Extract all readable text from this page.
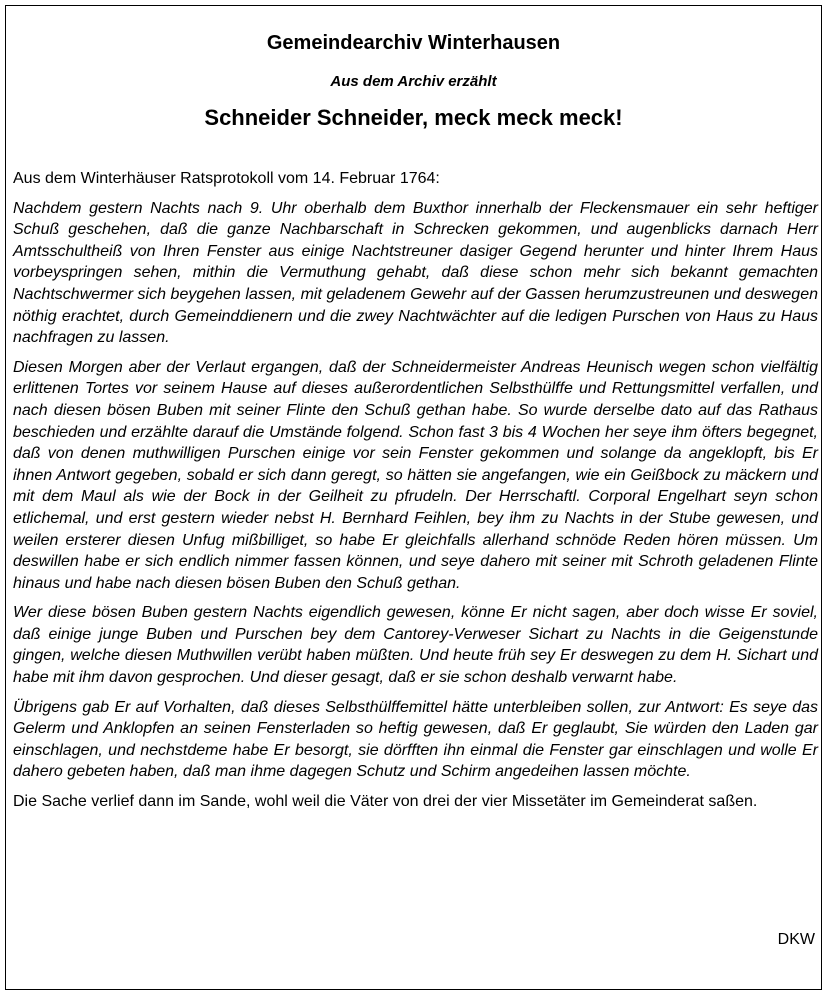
Gemeindearchiv Winterhausen

Aus dem Archiv erzählt

Schneider Schneider, meck meck meck!

Aus dem Winterhäuser Ratsprotokoll vom 14. Februar 1764:

Nachdem gestern Nachts nach 9. Uhr oberhalb dem Buxthor innerhalb der Fleckensmauer ein sehr heftiger Schuß geschehen, daß die ganze Nachbarschaft in Schrecken gekommen, und augenblicks darnach Herr Amtsschultheiß von Ihren Fenster aus einige Nachtstreuner dasiger Gegend herunter und hinter Ihrem Haus vorbeyspringen sehen, mithin die Vermuthung gehabt, daß diese schon mehr sich bekannt gemachten Nachtschwermer sich beygehen lassen, mit geladenem Gewehr auf der Gassen herumzustreunen und deswegen nöthig erachtet, durch Gemeinddienern und die zwey Nachtwächter auf die ledigen Purschen von Haus zu Haus nachfragen zu lassen.

Diesen Morgen aber der Verlaut ergangen, daß der Schneidermeister Andreas Heunisch wegen schon vielfältig erlittenen Tortes vor seinem Hause auf dieses außerordentlichen Selbsthülffe und Rettungsmittel verfallen, und nach diesen bösen Buben mit seiner Flinte den Schuß gethan habe. So wurde derselbe dato auf das Rathaus beschieden und erzählte darauf die Umstände folgend. Schon fast 3 bis 4 Wochen her seye ihm öfters begegnet, daß von denen muthwilligen Purschen einige vor sein Fenster gekommen und solange da angeklopft, bis Er ihnen Antwort gegeben, sobald er sich dann geregt, so hätten sie angefangen, wie ein Geißbock zu mäckern und mit dem Maul als wie der Bock in der Geilheit zu pfrudeln. Der Herrschaftl. Corporal Engelhart seyn schon etlichemal, und erst gestern wieder nebst H. Bernhard Feihlen, bey ihm zu Nachts in der Stube gewesen, und weilen ersterer diesen Unfug mißbilliget, so habe Er gleichfalls allerhand schnöde Reden hören müssen. Um deswillen habe er sich endlich nimmer fassen können, und seye dahero mit seiner mit Schroth geladenen Flinte hinaus und habe nach diesen bösen Buben den Schuß gethan.

Wer diese bösen Buben gestern Nachts eigendlich gewesen, könne Er nicht sagen, aber doch wisse Er soviel, daß einige junge Buben und Purschen bey dem Cantorey-Verweser Sichart zu Nachts in die Geigenstunde gingen, welche diesen Muthwillen verübt haben müßten. Und heute früh sey Er deswegen zu dem H. Sichart und habe mit ihm davon gesprochen. Und dieser gesagt, daß er sie schon deshalb verwarnt habe.

Übrigens gab Er auf Vorhalten, daß dieses Selbsthülffemittel hätte unterbleiben sollen, zur Antwort: Es seye das Gelerm und Anklopfen an seinen Fensterladen so heftig gewesen, daß Er geglaubt, Sie würden den Laden gar einschlagen, und nechstdeme habe Er besorgt, sie dörfften ihn einmal die Fenster gar einschlagen und wolle Er dahero gebeten haben, daß man ihme dagegen Schutz und Schirm angedeihen lassen möchte.

Die Sache verlief dann im Sande, wohl weil die Väter von drei der vier Missetäter im Gemeinderat saßen.

DKW
